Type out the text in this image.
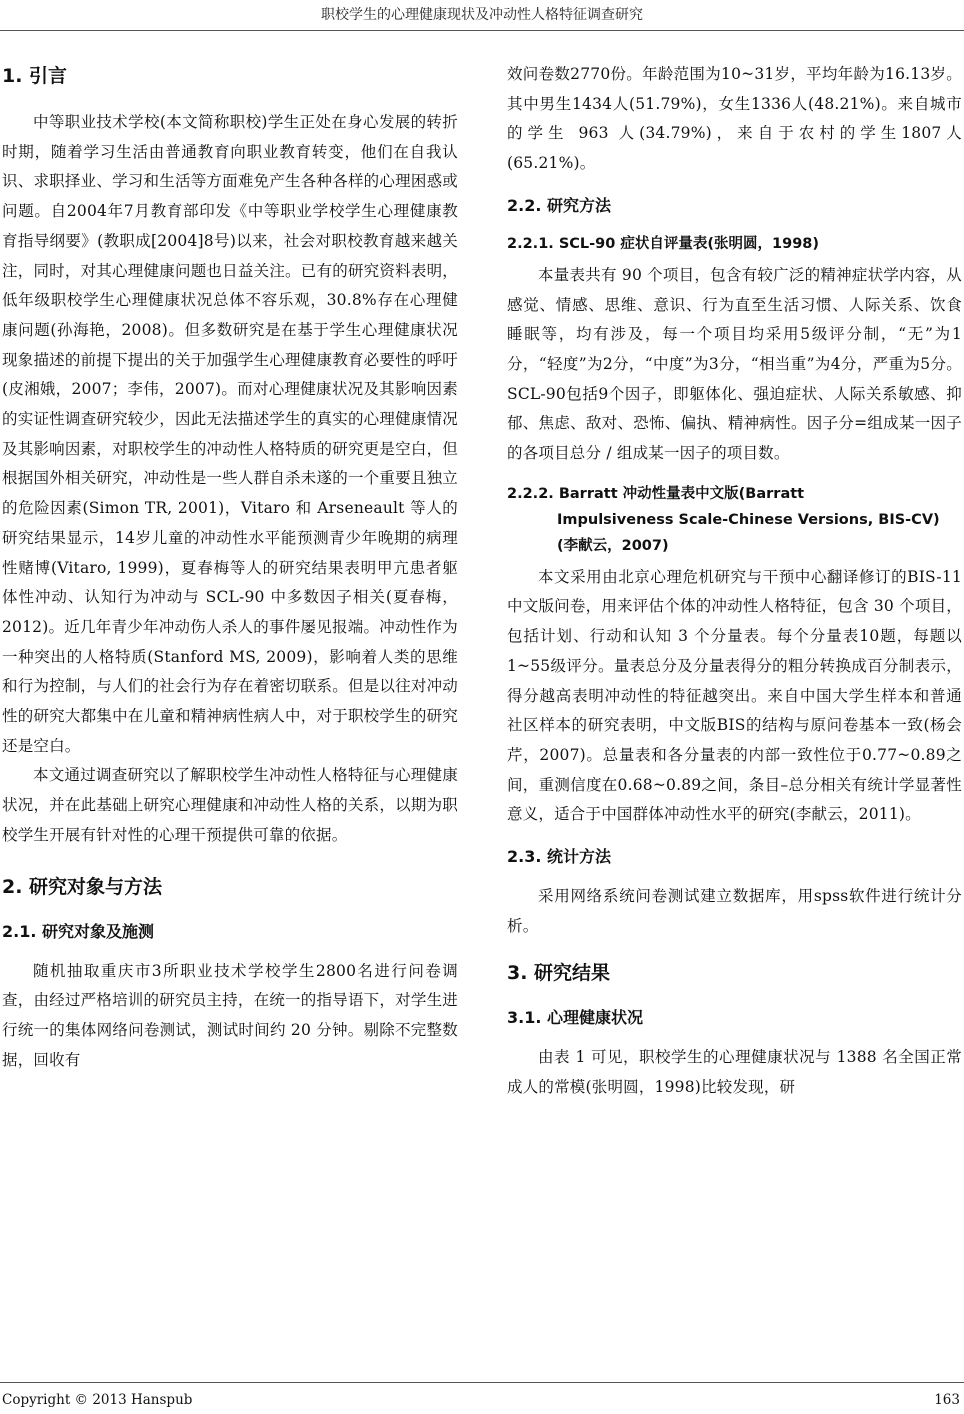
职校学生的心理健康现状及冲动性人格特征调查研究
1. 引言

中等职业技术学校(本文简称职校)学生正处在身心发展的转折时期，随着学习生活由普通教育向职业教育转变，他们在自我认识、求职择业、学习和生活等方面难免产生各种各样的心理困惑或问题。自2004年7月教育部印发《中等职业学校学生心理健康教育指导纲要》(教职成[2004]8号)以来，社会对职校教育越来越关注，同时，对其心理健康问题也日益关注。已有的研究资料表明，低年级职校学生心理健康状况总体不容乐观，30.8%存在心理健康问题(孙海艳，2008)。但多数研究是在基于学生心理健康状况现象描述的前提下提出的关于加强学生心理健康教育必要性的呼吁(皮湘娥，2007；李伟，2007)。而对心理健康状况及其影响因素的实证性调查研究较少，因此无法描述学生的真实的心理健康情况及其影响因素，对职校学生的冲动性人格特质的研究更是空白，但根据国外相关研究，冲动性是一些人群自杀未遂的一个重要且独立的危险因素(Simon TR, 2001)，Vitaro 和 Arseneault 等人的研究结果显示，14岁儿童的冲动性水平能预测青少年晚期的病理性赌博(Vitaro, 1999)，夏春梅等人的研究结果表明甲亢患者躯体性冲动、认知行为冲动与 SCL-90 中多数因子相关(夏春梅，2012)。近几年青少年冲动伤人杀人的事件屡见报端。冲动性作为一种突出的人格特质(Stanford MS, 2009)，影响着人类的思维和行为控制，与人们的社会行为存在着密切联系。但是以往对冲动性的研究大都集中在儿童和精神病性病人中，对于职校学生的研究还是空白。

本文通过调查研究以了解职校学生冲动性人格特征与心理健康状况，并在此基础上研究心理健康和冲动性人格的关系，以期为职校学生开展有针对性的心理干预提供可靠的依据。

2. 研究对象与方法
2.1. 研究对象及施测

随机抽取重庆市3所职业技术学校学生2800名进行问卷调查，由经过严格培训的研究员主持，在统一的指导语下，对学生进行统一的集体网络问卷测试，测试时间约 20 分钟。剔除不完整数据，回收有

效问卷数2770份。年龄范围为10~31岁，平均年龄为16.13岁。其中男生1434人(51.79%)，女生1336人(48.21%)。来自城市的学生 963 人(34.79%)，来自于农村的学生1807人(65.21%)。

2.2. 研究方法
2.2.1. SCL-90 症状自评量表(张明圆，1998)

本量表共有 90 个项目，包含有较广泛的精神症状学内容，从感觉、情感、思维、意识、行为直至生活习惯、人际关系、饮食睡眠等，均有涉及，每一个项目均采用5级评分制，“无”为1分，“轻度”为2分，“中度”为3分，“相当重”为4分，严重为5分。SCL-90包括9个因子，即躯体化、强迫症状、人际关系敏感、抑郁、焦虑、敌对、恐怖、偏执、精神病性。因子分=组成某一因子的各项目总分 / 组成某一因子的项目数。

2.2.2. Barratt 冲动性量表中文版(Barratt
Impulsiveness Scale-Chinese Versions, BIS-CV)
(李献云，2007)

本文采用由北京心理危机研究与干预中心翻译修订的BIS-11中文版问卷，用来评估个体的冲动性人格特征，包含 30 个项目，包括计划、行动和认知 3 个分量表。每个分量表10题，每题以1~55级评分。量表总分及分量表得分的粗分转换成百分制表示，得分越高表明冲动性的特征越突出。来自中国大学生样本和普通社区样本的研究表明，中文版BIS的结构与原问卷基本一致(杨会芹，2007)。总量表和各分量表的内部一致性位于0.77~0.89之间，重测信度在0.68~0.89之间，条目–总分相关有统计学显著性意义，适合于中国群体冲动性水平的研究(李献云，2011)。

2.3. 统计方法

采用网络系统问卷测试建立数据库，用spss软件进行统计分析。

3. 研究结果
3.1. 心理健康状况

由表 1 可见，职校学生的心理健康状况与 1388 名全国正常成人的常模(张明圆，1998)比较发现，研

Copyright © 2013 Hanspub	163
